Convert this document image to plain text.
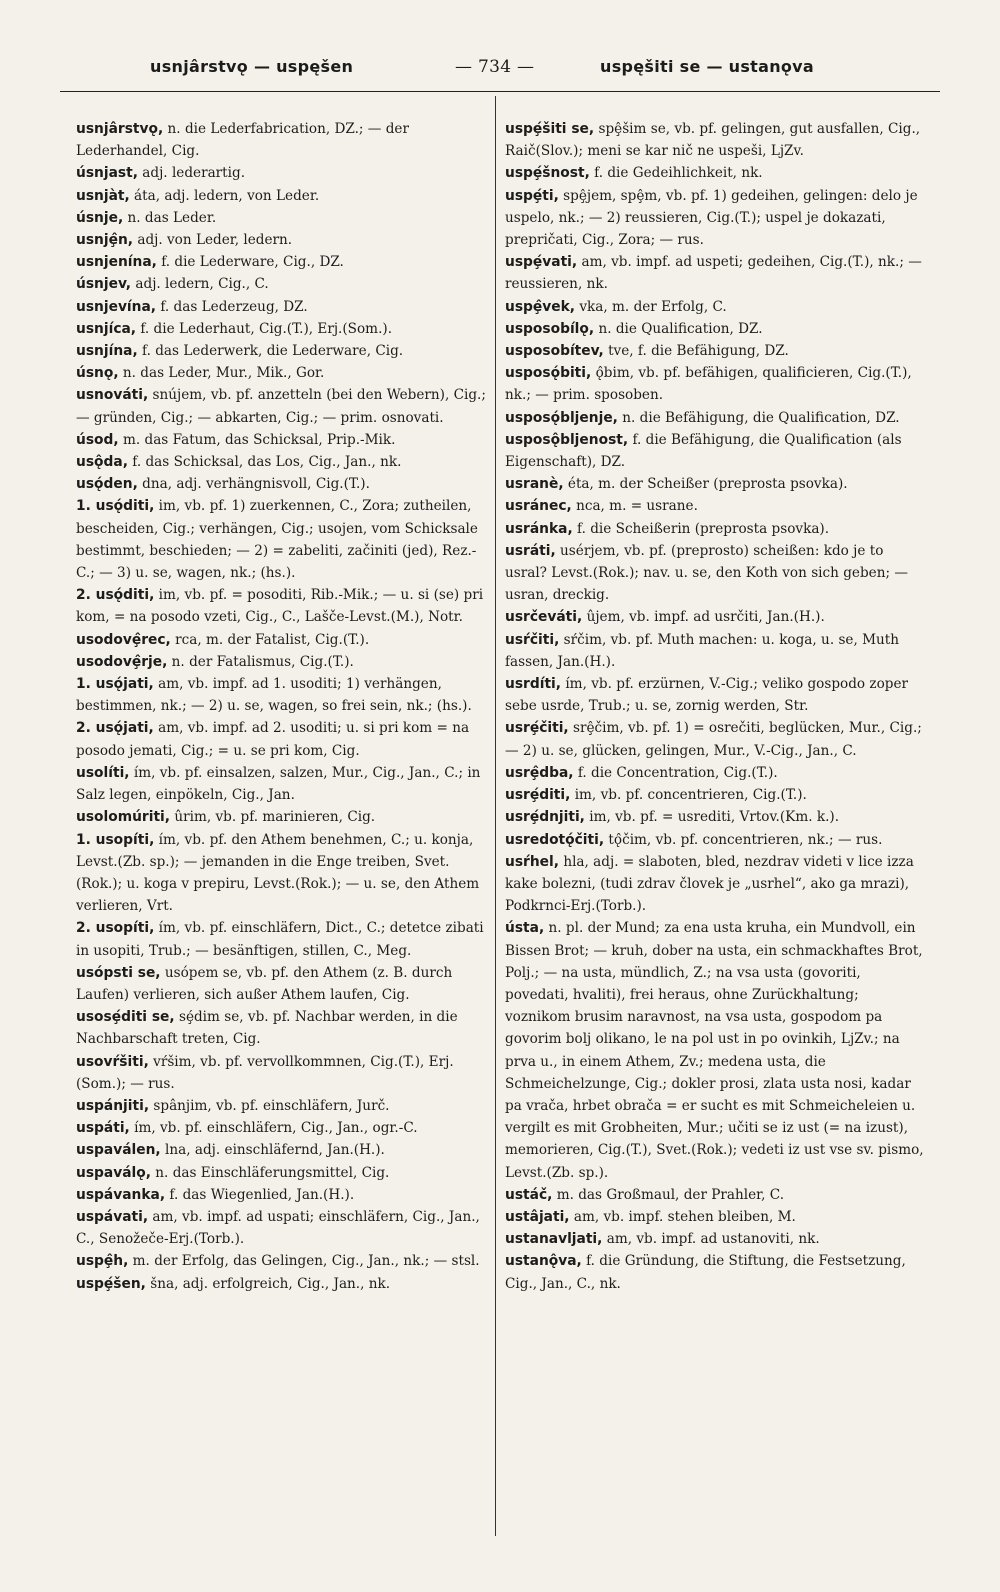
usnjârstvǫ — uspęšen	— 734 —	uspęšiti se — ustanǫva

usnjârstvǫ, n. die Lederfabrication, DZ.; — der Lederhandel, Cig.

úsnjast, adj. lederartig.

usnjàt, áta, adj. ledern, von Leder.

úsnje, n. das Leder.

usnjȩ̂n, adj. von Leder, ledern.

usnjenína, f. die Lederware, Cig., DZ.

úsnjev, adj. ledern, Cig., C.

usnjevína, f. das Lederzeug, DZ.

usnjíca, f. die Lederhaut, Cig.(T.), Erj.(Som.).

usnjína, f. das Lederwerk, die Lederware, Cig.

úsnǫ, n. das Leder, Mur., Mik., Gor.

usnováti, snújem, vb. pf. anzetteln (bei den Webern), Cig.; — gründen, Cig.; — abkarten, Cig.; — prim. osnovati.

úsod, m. das Fatum, das Schicksal, Prip.-Mik.

usǫ̂da, f. das Schicksal, das Los, Cig., Jan., nk.

usǫ́den, dna, adj. verhängnisvoll, Cig.(T.).

1. usǫ́diti, im, vb. pf. 1) zuerkennen, C., Zora; zutheilen, bescheiden, Cig.; verhängen, Cig.; usojen, vom Schicksale bestimmt, beschieden; — 2) = zabeliti, začiniti (jed), Rez.-C.; — 3) u. se, wagen, nk.; (hs.).

2. usǫ́diti, im, vb. pf. = posoditi, Rib.-Mik.; — u. si (se) pri kom, = na posodo vzeti, Cig., C., Lašče-Levst.(M.), Notr.

usodovȩ̂rec, rca, m. der Fatalist, Cig.(T.).

usodovȩ̂rje, n. der Fatalismus, Cig.(T.).

1. usǫ́jati, am, vb. impf. ad 1. usoditi; 1) verhängen, bestimmen, nk.; — 2) u. se, wagen, so frei sein, nk.; (hs.).

2. usǫ́jati, am, vb. impf. ad 2. usoditi; u. si pri kom = na posodo jemati, Cig.; = u. se pri kom, Cig.

usolíti, ím, vb. pf. einsalzen, salzen, Mur., Cig., Jan., C.; in Salz legen, einpökeln, Cig., Jan.

usolomúriti, ûrim, vb. pf. marinieren, Cig.

1. usopíti, ím, vb. pf. den Athem benehmen, C.; u. konja, Levst.(Zb. sp.); — jemanden in die Enge treiben, Svet.(Rok.); u. koga v prepiru, Levst.(Rok.); — u. se, den Athem verlieren, Vrt.

2. usopíti, ím, vb. pf. einschläfern, Dict., C.; detetce zibati in usopiti, Trub.; — besänftigen, stillen, C., Meg.

usópsti se, usópem se, vb. pf. den Athem (z. B. durch Laufen) verlieren, sich außer Athem laufen, Cig.

usosȩ́diti se, sȩ́dim se, vb. pf. Nachbar werden, in die Nachbarschaft treten, Cig.

usovŕšiti, vŕšim, vb. pf. vervollkommnen, Cig.(T.), Erj.(Som.); — rus.

uspánjiti, spânjim, vb. pf. einschläfern, Jurč.

uspáti, ím, vb. pf. einschläfern, Cig., Jan., ogr.-C.

uspaválen, lna, adj. einschläfernd, Jan.(H.).

uspaválǫ, n. das Einschläferungsmittel, Cig.

uspávanka, f. das Wiegenlied, Jan.(H.).

uspávati, am, vb. impf. ad uspati; einschläfern, Cig., Jan., C., Senožeče-Erj.(Torb.).

uspȩ̂h, m. der Erfolg, das Gelingen, Cig., Jan., nk.; — stsl.

uspȩ́šen, šna, adj. erfolgreich, Cig., Jan., nk.

uspȩ́šiti se, spȩ̂šim se, vb. pf. gelingen, gut ausfallen, Cig., Raič(Slov.); meni se kar nič ne uspeši, LjZv.

uspȩ́šnost, f. die Gedeihlichkeit, nk.

uspȩ́ti, spȩ̂jem, spȩ̂m, vb. pf. 1) gedeihen, gelingen: delo je uspelo, nk.; — 2) reussieren, Cig.(T.); uspel je dokazati, prepričati, Cig., Zora; — rus.

uspȩ́vati, am, vb. impf. ad uspeti; gedeihen, Cig.(T.), nk.; — reussieren, nk.

uspȩ̂vek, vka, m. der Erfolg, C.

usposobílǫ, n. die Qualification, DZ.

usposobítev, tve, f. die Befähigung, DZ.

usposǫ́biti, ǫ̂bim, vb. pf. befähigen, qualificieren, Cig.(T.), nk.; — prim. sposoben.

usposǫ́bljenje, n. die Befähigung, die Qualification, DZ.

usposǫ̂bljenost, f. die Befähigung, die Qualification (als Eigenschaft), DZ.

usranè, éta, m. der Scheißer (preprosta psovka).

usránec, nca, m. = usrane.

usránka, f. die Scheißerin (preprosta psovka).

usráti, usérjem, vb. pf. (preprosto) scheißen: kdo je to usral? Levst.(Rok.); nav. u. se, den Koth von sich geben; — usran, dreckig.

usrčeváti, ûjem, vb. impf. ad usrčiti, Jan.(H.).

usŕčiti, sŕčim, vb. pf. Muth machen: u. koga, u. se, Muth fassen, Jan.(H.).

usrdíti, ím, vb. pf. erzürnen, V.-Cig.; veliko gospodo zoper sebe usrde, Trub.; u. se, zornig werden, Str.

usrȩ́čiti, srȩ̂čim, vb. pf. 1) = osrečiti, beglücken, Mur., Cig.; — 2) u. se, glücken, gelingen, Mur., V.-Cig., Jan., C.

usrȩ̂dba, f. die Concentration, Cig.(T.).

usrȩ́diti, im, vb. pf. concentrieren, Cig.(T.).

usrȩ́dnjiti, im, vb. pf. = usrediti, Vrtov.(Km. k.).

usredotǫ́čiti, tǫ̂čim, vb. pf. concentrieren, nk.; — rus.

usŕhel, hla, adj. = slaboten, bled, nezdrav videti v lice izza kake bolezni, (tudi zdrav človek je „usrhel“, ako ga mrazi), Podkrnci-Erj.(Torb.).

ústa, n. pl. der Mund; za ena usta kruha, ein Mundvoll, ein Bissen Brot; — kruh, dober na usta, ein schmackhaftes Brot, Polj.; — na usta, mündlich, Z.; na vsa usta (govoriti, povedati, hvaliti), frei heraus, ohne Zurückhaltung; voznikom brusim naravnost, na vsa usta, gospodom pa govorim bolj olikano, le na pol ust in po ovinkih, LjZv.; na prva u., in einem Athem, Zv.; medena usta, die Schmeichelzunge, Cig.; dokler prosi, zlata usta nosi, kadar pa vrača, hrbet obrača = er sucht es mit Schmeicheleien u. vergilt es mit Grobheiten, Mur.; učiti se iz ust (= na izust), memorieren, Cig.(T.), Svet.(Rok.); vedeti iz ust vse sv. pismo, Levst.(Zb. sp.).

ustáč, m. das Großmaul, der Prahler, C.

ustâjati, am, vb. impf. stehen bleiben, M.

ustanavljati, am, vb. impf. ad ustanoviti, nk.

ustanǫ̂va, f. die Gründung, die Stiftung, die Festsetzung, Cig., Jan., C., nk.
